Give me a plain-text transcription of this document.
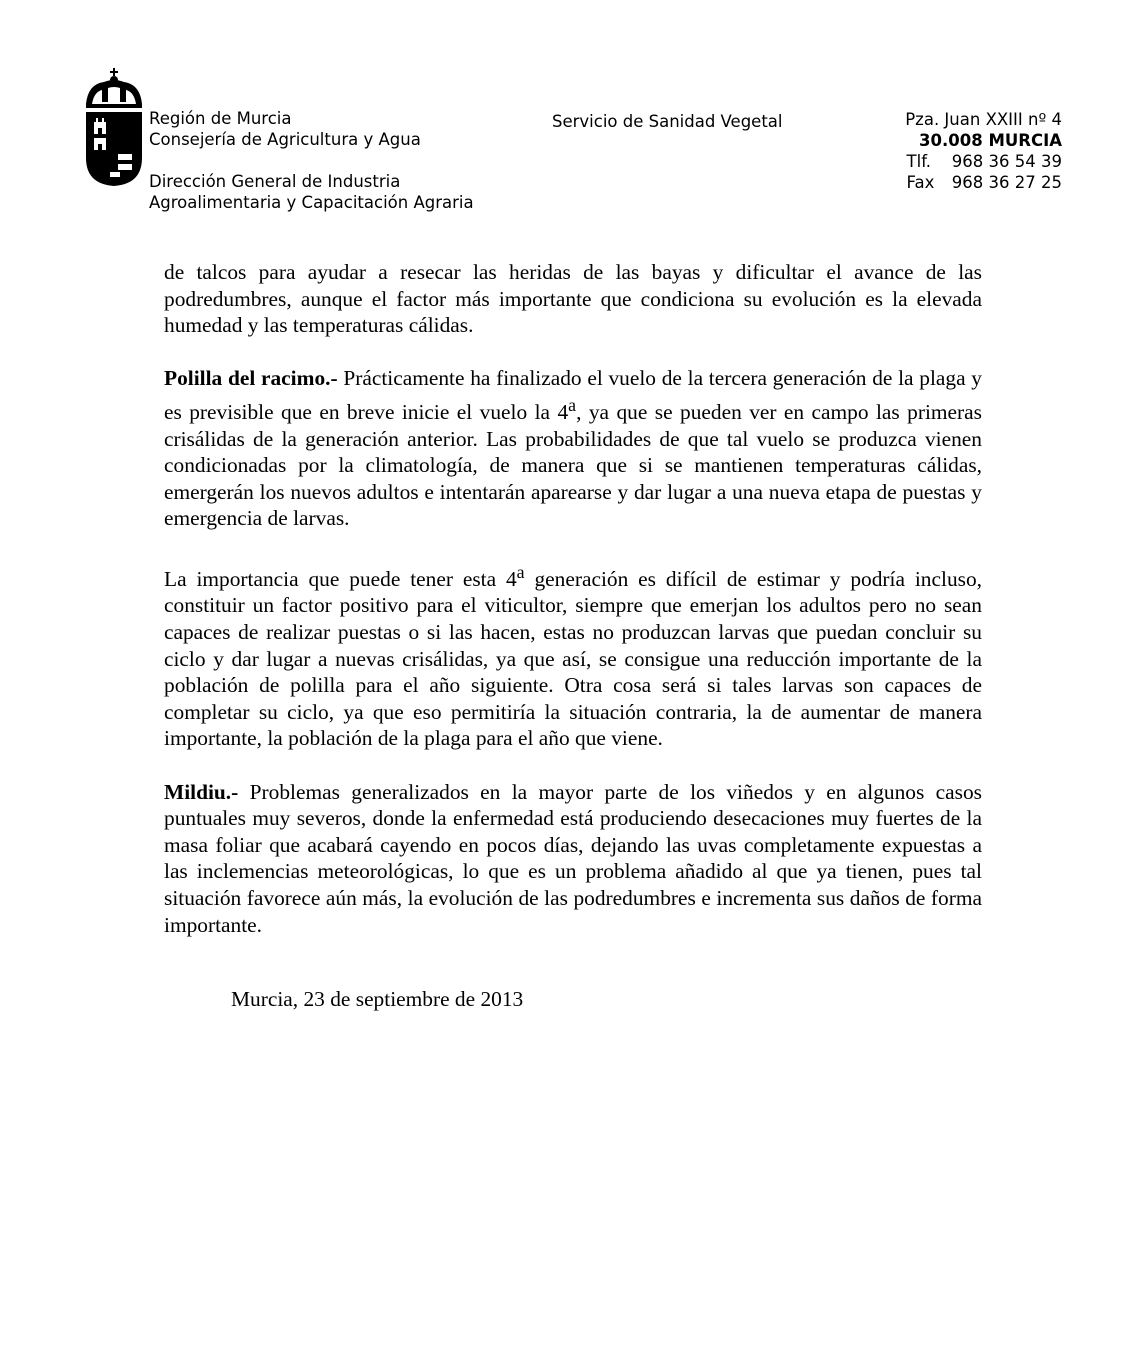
Región de Murcia
Consejería de Agricultura y Agua
Dirección General de Industria
Agroalimentaria y Capacitación Agraria
Servicio de Sanidad Vegetal	Pza. Juan XXIII nº 4
30.008 MURCIA
Tlf. 968 36 54 39
Fax 968 36 27 25

de talcos para ayudar a resecar las heridas de las bayas y dificultar el avance de las podredumbres, aunque el factor más importante que condiciona su evolución es la elevada humedad y las temperaturas cálidas.

Polilla del racimo.- Prácticamente ha finalizado el vuelo de la tercera generación de la plaga y es previsible que en breve inicie el vuelo la 4$^a$, ya que se pueden ver en campo las primeras crisálidas de la generación anterior. Las probabilidades de que tal vuelo se produzca vienen condicionadas por la climatología, de manera que si se mantienen temperaturas cálidas, emergerán los nuevos adultos e intentarán aparearse y dar lugar a una nueva etapa de puestas y emergencia de larvas.

La importancia que puede tener esta 4$^a$ generación es difícil de estimar y podría incluso, constituir un factor positivo para el viticultor, siempre que emerjan los adultos pero no sean capaces de realizar puestas o si las hacen, estas no produzcan larvas que puedan concluir su ciclo y dar lugar a nuevas crisálidas, ya que así, se consigue una reducción importante de la población de polilla para el año siguiente. Otra cosa será si tales larvas son capaces de completar su ciclo, ya que eso permitiría la situación contraria, la de aumentar de manera importante, la población de la plaga para el año que viene.

Mildiu.- Problemas generalizados en la mayor parte de los viñedos y en algunos casos puntuales muy severos, donde la enfermedad está produciendo desecaciones muy fuertes de la masa foliar que acabará cayendo en pocos días, dejando las uvas completamente expuestas a las inclemencias meteorológicas, lo que es un problema añadido al que ya tienen, pues tal situación favorece aún más, la evolución de las podredumbres e incrementa sus daños de forma importante.

Murcia, 23 de septiembre de 2013
